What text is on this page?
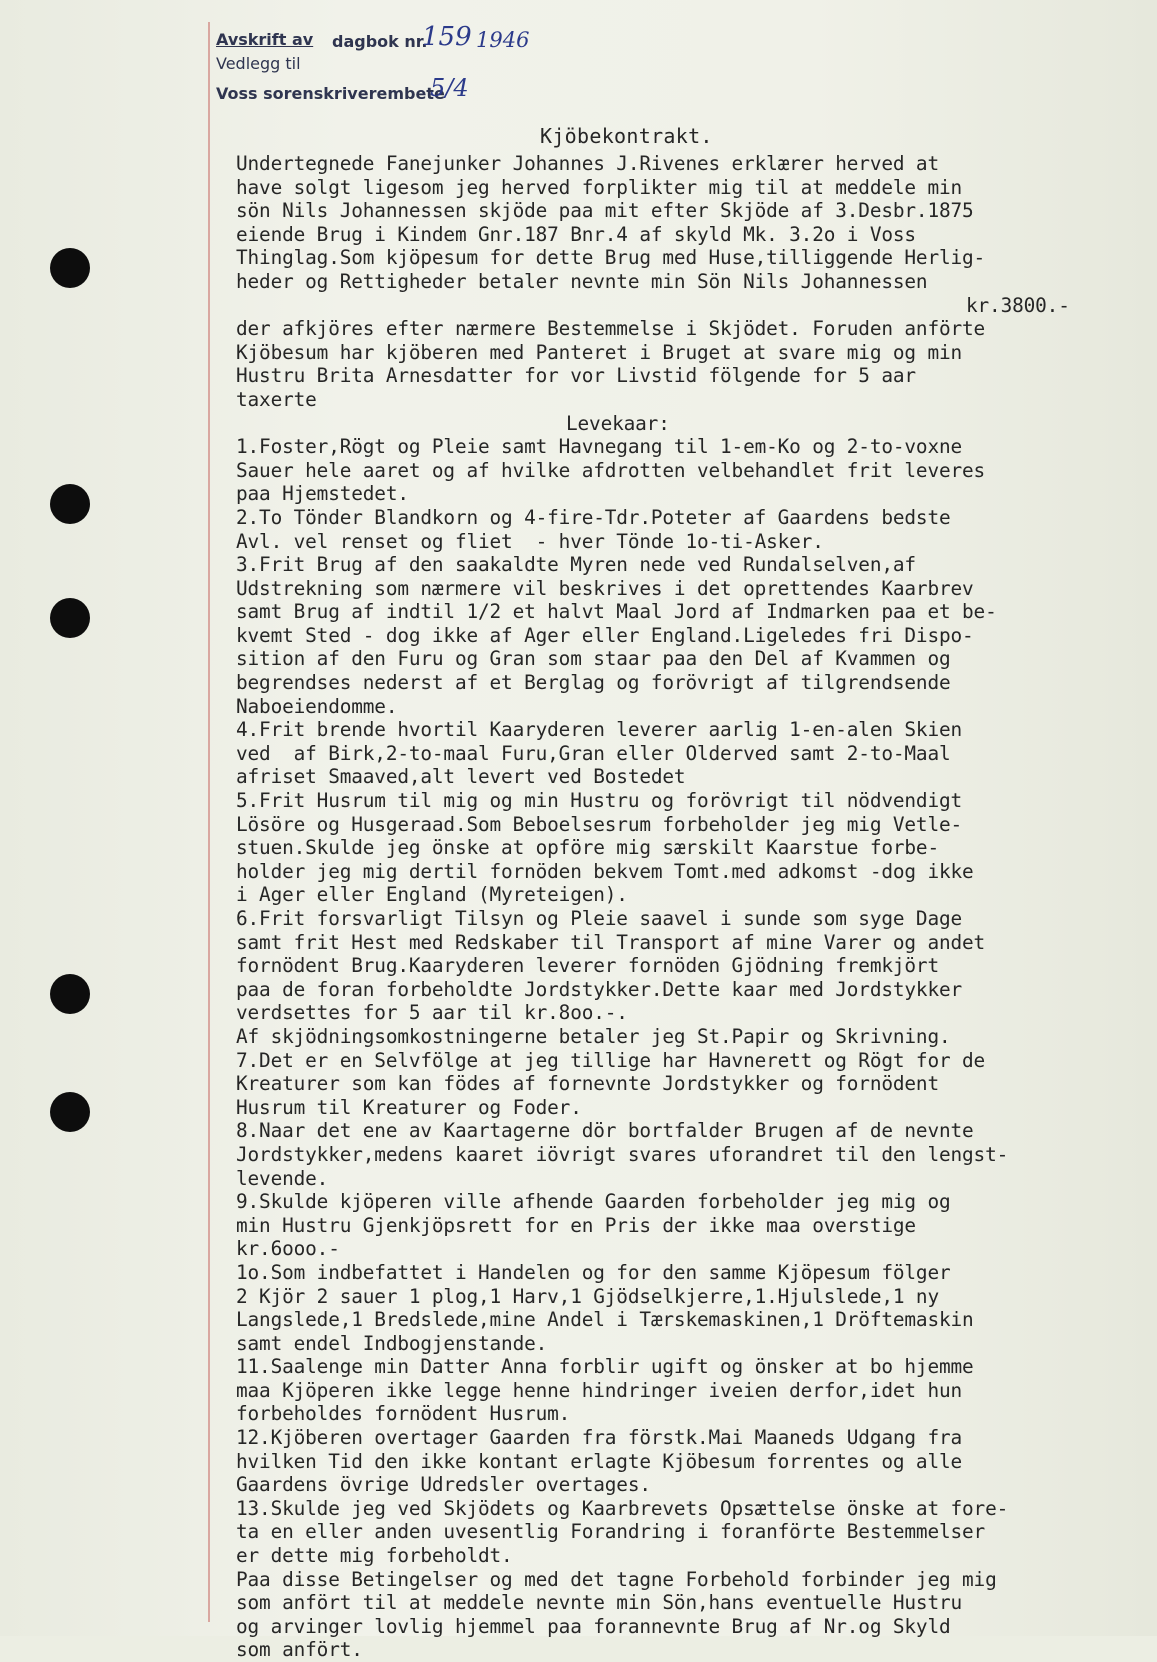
Avskrift av
Vedlegg til
dagbok nr.
Voss sorenskriverembete
159 1946
5/4
Kjöbekontrakt.
Undertegnede Fanejunker Johannes J.Rivenes erklærer herved at
have solgt ligesom jeg herved forplikter mig til at meddele min
sön Nils Johannessen skjöde paa mit efter Skjöde af 3.Desbr.1875
eiende Brug i Kindem Gnr.187 Bnr.4 af skyld Mk. 3.2o i Voss
Thinglag.Som kjöpesum for dette Brug med Huse,tilliggende Herlig-
heder og Rettigheder betaler nevnte min Sön Nils Johannessen
kr.3800.-
der afkjöres efter nærmere Bestemmelse i Skjödet. Foruden anförte
Kjöbesum har kjöberen med Panteret i Bruget at svare mig og min
Hustru Brita Arnesdatter for vor Livstid fölgende for 5 aar
taxerte
Levekaar:
1.Foster,Rögt og Pleie samt Havnegang til 1-em-Ko og 2-to-voxne
Sauer hele aaret og af hvilke afdrotten velbehandlet frit leveres
paa Hjemstedet.
2.To Tönder Blandkorn og 4-fire-Tdr.Poteter af Gaardens bedste
Avl. vel renset og fliet  - hver Tönde 1o-ti-Asker.
3.Frit Brug af den saakaldte Myren nede ved Rundalselven,af
Udstrekning som nærmere vil beskrives i det oprettendes Kaarbrev
samt Brug af indtil 1/2 et halvt Maal Jord af Indmarken paa et be-
kvemt Sted - dog ikke af Ager eller England.Ligeledes fri Dispo-
sition af den Furu og Gran som staar paa den Del af Kvammen og
begrendses nederst af et Berglag og forövrigt af tilgrendsende
Naboeiendomme.
4.Frit brende hvortil Kaaryderen leverer aarlig 1-en-alen Skien
ved  af Birk,2-to-maal Furu,Gran eller Olderved samt 2-to-Maal
afriset Smaaved,alt levert ved Bostedet
5.Frit Husrum til mig og min Hustru og forövrigt til nödvendigt
Lösöre og Husgeraad.Som Beboelsesrum forbeholder jeg mig Vetle-
stuen.Skulde jeg önske at opföre mig særskilt Kaarstue forbe-
holder jeg mig dertil fornöden bekvem Tomt.med adkomst -dog ikke
i Ager eller England (Myreteigen).
6.Frit forsvarligt Tilsyn og Pleie saavel i sunde som syge Dage
samt frit Hest med Redskaber til Transport af mine Varer og andet
fornödent Brug.Kaaryderen leverer fornöden Gjödning fremkjört
paa de foran forbeholdte Jordstykker.Dette kaar med Jordstykker
verdsettes for 5 aar til kr.8oo.-.
Af skjödningsomkostningerne betaler jeg St.Papir og Skrivning.
7.Det er en Selvfölge at jeg tillige har Havnerett og Rögt for de
Kreaturer som kan födes af fornevnte Jordstykker og fornödent
Husrum til Kreaturer og Foder.
8.Naar det ene av Kaartagerne dör bortfalder Brugen af de nevnte
Jordstykker,medens kaaret iövrigt svares uforandret til den lengst-
levende.
9.Skulde kjöperen ville afhende Gaarden forbeholder jeg mig og
min Hustru Gjenkjöpsrett for en Pris der ikke maa overstige
kr.6ooo.-
1o.Som indbefattet i Handelen og for den samme Kjöpesum fölger
2 Kjör 2 sauer 1 plog,1 Harv,1 Gjödselkjerre,1.Hjulslede,1 ny
Langslede,1 Bredslede,mine Andel i Tærskemaskinen,1 Dröftemaskin
samt endel Indbogjenstande.
11.Saalenge min Datter Anna forblir ugift og önsker at bo hjemme
maa Kjöperen ikke legge henne hindringer iveien derfor,idet hun
forbeholdes fornödent Husrum.
12.Kjöberen overtager Gaarden fra förstk.Mai Maaneds Udgang fra
hvilken Tid den ikke kontant erlagte Kjöbesum forrentes og alle
Gaardens övrige Udredsler overtages.
13.Skulde jeg ved Skjödets og Kaarbrevets Opsættelse önske at fore-
ta en eller anden uvesentlig Forandring i foranförte Bestemmelser
er dette mig forbeholdt.
Paa disse Betingelser og med det tagne Forbehold forbinder jeg mig
som anfört til at meddele nevnte min Sön,hans eventuelle Hustru
og arvinger lovlig hjemmel paa forannevnte Brug af Nr.og Skyld
som anfört.
